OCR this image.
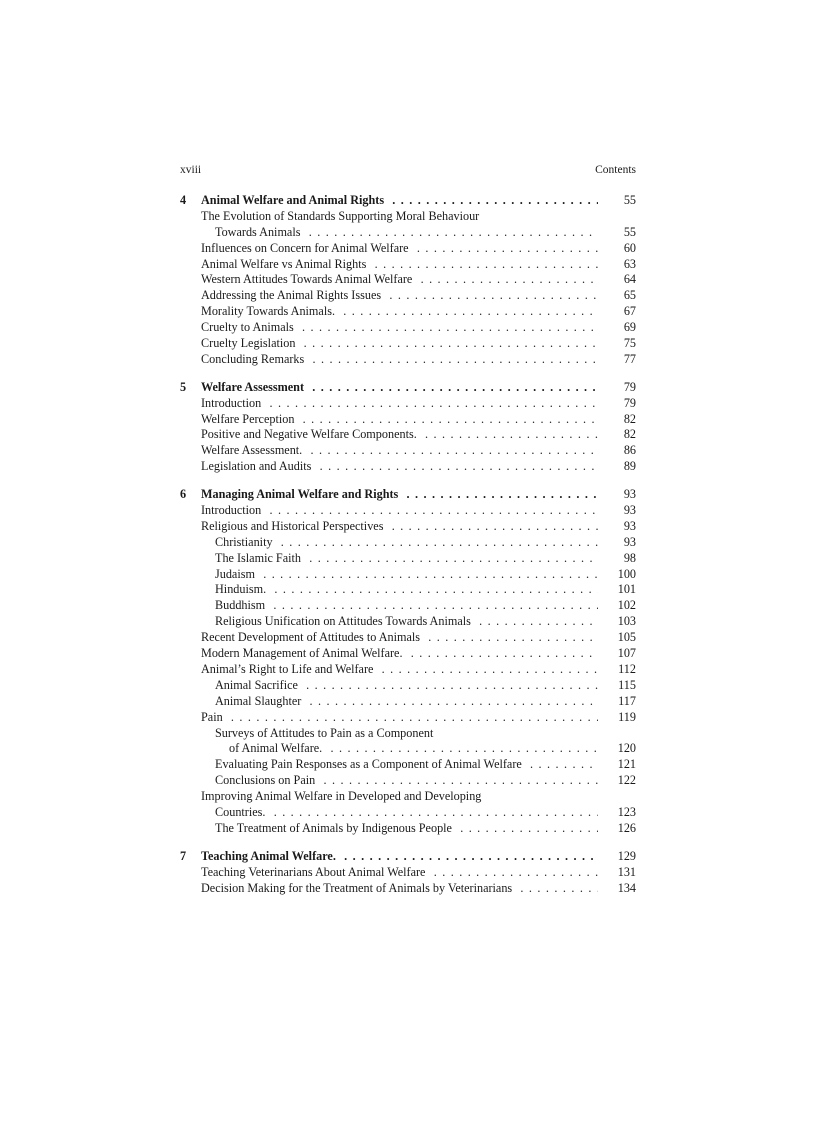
xviii	Contents
4 Animal Welfare and Animal Rights . . .	55
The Evolution of Standards Supporting Moral Behaviour
Towards Animals . . .	55
Influences on Concern for Animal Welfare . . .	60
Animal Welfare vs Animal Rights . . .	63
Western Attitudes Towards Animal Welfare . . .	64
Addressing the Animal Rights Issues . . .	65
Morality Towards Animals. . . .	67
Cruelty to Animals . . .	69
Cruelty Legislation . . .	75
Concluding Remarks . . .	77
5 Welfare Assessment . . .	79
Introduction . . .	79
Welfare Perception . . .	82
Positive and Negative Welfare Components. . . .	82
Welfare Assessment. . . .	86
Legislation and Audits . . .	89
6 Managing Animal Welfare and Rights . . .	93
Introduction . . .	93
Religious and Historical Perspectives . . .	93
Christianity . . .	93
The Islamic Faith . . .	98
Judaism . . .	100
Hinduism. . . .	101
Buddhism . . .	102
Religious Unification on Attitudes Towards Animals . . .	103
Recent Development of Attitudes to Animals . . .	105
Modern Management of Animal Welfare. . . .	107
Animal’s Right to Life and Welfare . . .	112
Animal Sacrifice . . .	115
Animal Slaughter . . .	117
Pain . . .	119
Surveys of Attitudes to Pain as a Component
of Animal Welfare. . . .	120
Evaluating Pain Responses as a Component of Animal Welfare . . .	121
Conclusions on Pain . . .	122
Improving Animal Welfare in Developed and Developing
Countries. . . .	123
The Treatment of Animals by Indigenous People . . .	126
7 Teaching Animal Welfare. . . .	129
Teaching Veterinarians About Animal Welfare . . .	131
Decision Making for the Treatment of Animals by Veterinarians . . .	134
